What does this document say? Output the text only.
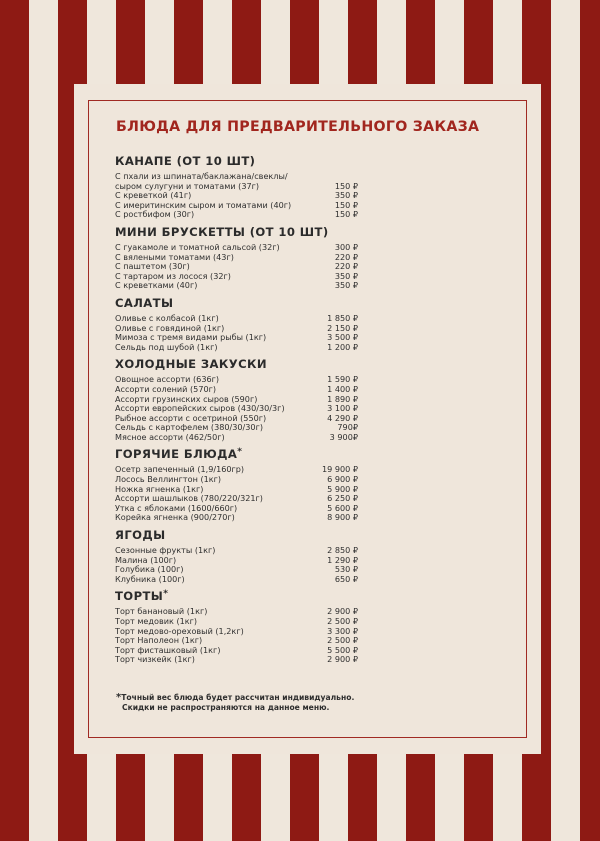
БЛЮДА ДЛЯ ПРЕДВАРИТЕЛЬНОГО ЗАКАЗА
КАНАПЕ (ОТ 10 ШТ)
С пхали из шпината/баклажана/свеклы/ сыром сулугуни и томатами (37г)	150 ₽
С креветкой (41г)	350 ₽
С имеритинским сыром и томатами (40г)	150 ₽
С ростбифом (30г)	150 ₽
МИНИ БРУСКЕТТЫ (ОТ 10 ШТ)
С гуакамоле и томатной сальсой (32г)	300 ₽
С вялеными томатами (43г)	220 ₽
С паштетом (30г)	220 ₽
С тартаром из лосося (32г)	350 ₽
С креветками (40г)	350 ₽
САЛАТЫ
Оливье с колбасой (1кг)	1 850 ₽
Оливье с говядиной (1кг)	2 150 ₽
Мимоза с тремя видами рыбы (1кг)	3 500 ₽
Сельдь под шубой (1кг)	1 200 ₽
ХОЛОДНЫЕ ЗАКУСКИ
Овощное ассорти (636г)	1 590 ₽
Ассорти солений (570г)	1 400 ₽
Ассорти грузинских сыров (590г)	1 890 ₽
Ассорти европейских сыров (430/30/3г)	3 100 ₽
Рыбное ассорти с осетриной (550г)	4 290 ₽
Сельдь с картофелем (380/30/30г)	790₽
Мясное ассорти (462/50г)	3 900₽
ГОРЯЧИЕ БЛЮДА*
Осетр запеченный (1,9/160гр)	19 900 ₽
Лосось Веллингтон (1кг)	6 900 ₽
Ножка ягненка (1кг)	5 900 ₽
Ассорти шашлыков (780/220/321г)	6 250 ₽
Утка с яблоками (1600/660г)	5 600 ₽
Корейка ягненка (900/270г)	8 900 ₽
ЯГОДЫ
Сезонные фрукты (1кг)	2 850 ₽
Малина (100г)	1 290 ₽
Голубика (100г)	530 ₽
Клубника (100г)	650 ₽
ТОРТЫ*
Торт банановый (1кг)	2 900 ₽
Торт медовик (1кг)	2 500 ₽
Торт медово-ореховый (1,2кг)	3 300 ₽
Торт Наполеон (1кг)	2 500 ₽
Торт фисташковый (1кг)	5 500 ₽
Торт чизкейк (1кг)	2 900 ₽
*Точный вес блюда будет рассчитан индивидуально.
Скидки не распространяются на данное меню.
